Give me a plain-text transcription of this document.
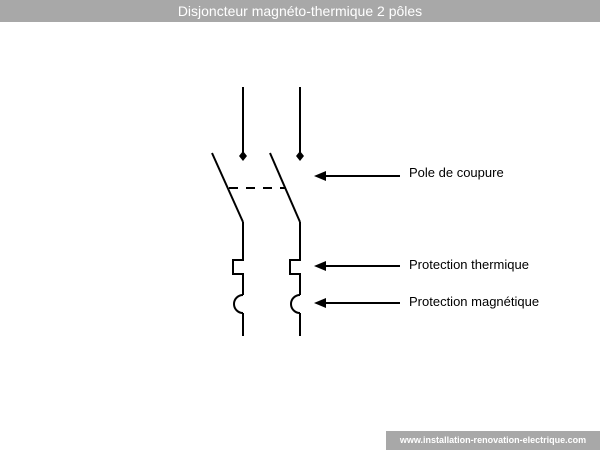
Disjoncteur magnéto-thermique 2 pôles
Pole de coupure
Protection thermique
Protection magnétique
www.installation-renovation-electrique.com
